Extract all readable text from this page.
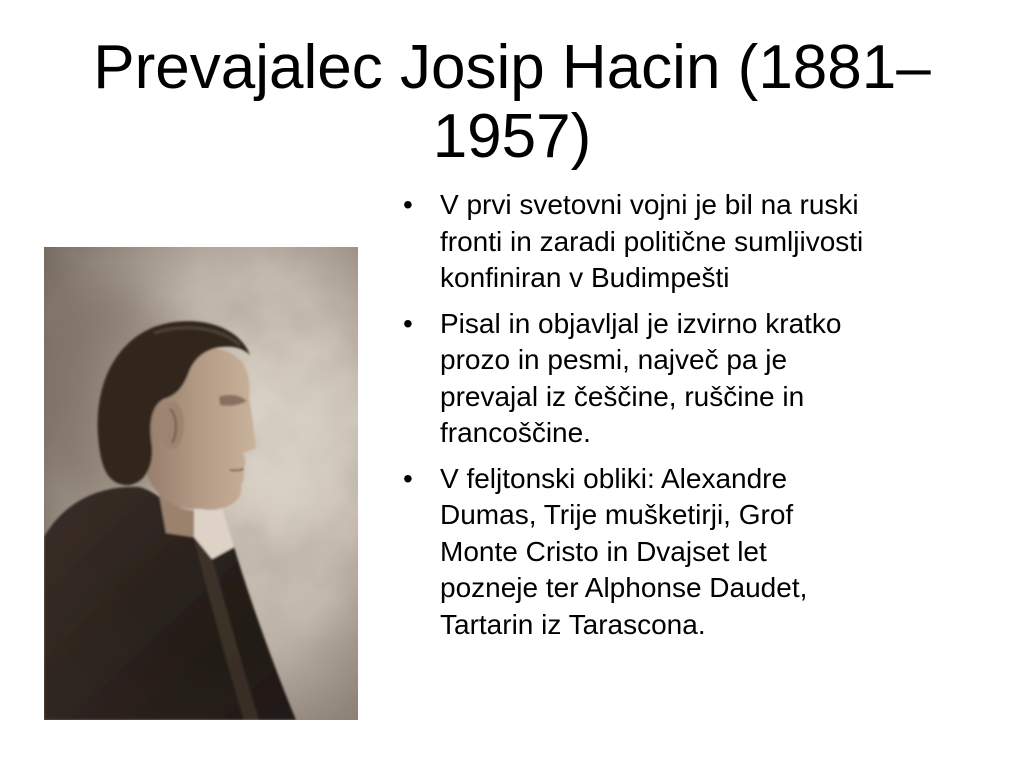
Prevajalec Josip Hacin (1881–
1957)
• V prvi svetovni vojni je bil na ruski
fronti in zaradi politične sumljivosti
konfiniran v Budimpešti
• Pisal in objavljal je izvirno kratko
prozo in pesmi, največ pa je
prevajal iz češčine, ruščine in
francoščine.
• V feljtonski obliki: Alexandre
Dumas, Trije mušketirji, Grof
Monte Cristo in Dvajset let
pozneje ter Alphonse Daudet,
Tartarin iz Tarascona.
